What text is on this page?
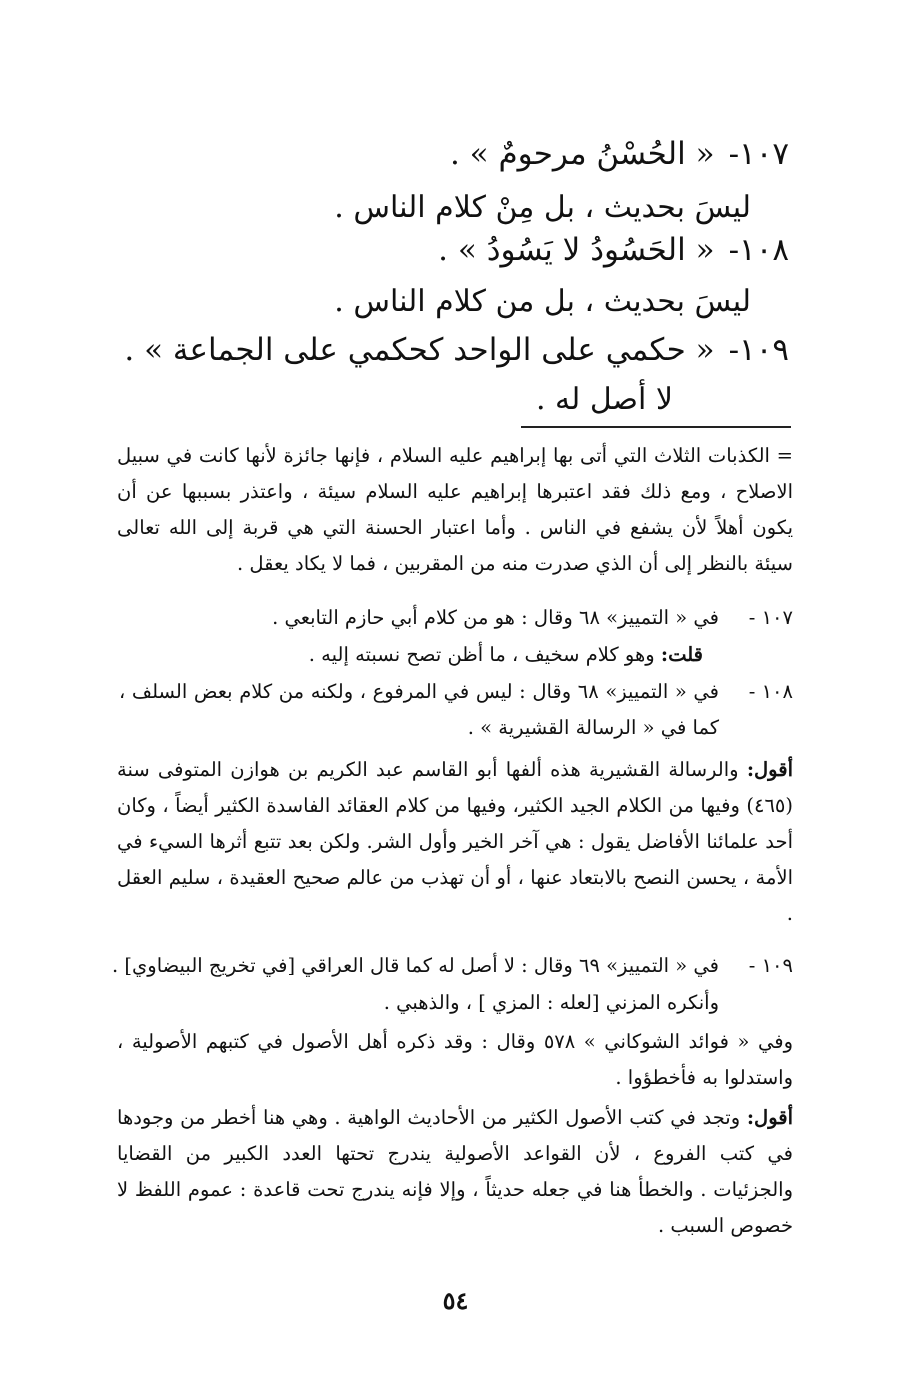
١٠٧-« الحُسْنُ مرحومٌ » .
ليسَ بحديث ، بل مِنْ كلام الناس .
١٠٨-« الحَسُودُ لا يَسُودُ » .
ليسَ بحديث ، بل من كلام الناس .
١٠٩-« حكمي على الواحد كحكمي على الجماعة » .
لا أصل له .
= الكذبات الثلاث التي أتى بها إبراهيم عليه السلام ، فإنها جائزة لأنها كانت في سبيل الاصلاح ، ومع ذلك فقد اعتبرها إبراهيم عليه السلام سيئة ، واعتذر بسببها عن أن يكون أهلاً لأن يشفع في الناس . وأما اعتبار الحسنة التي هي قربة إلى الله تعالى سيئة بالنظر إلى أن الذي صدرت منه من المقربين ، فما لا يكاد يعقل .
١٠٧ -
في « التمييز» ٦٨ وقال : هو من كلام أبي حازم التابعي .
قلت: وهو كلام سخيف ، ما أظن تصح نسبته إليه .
١٠٨ -
في « التمييز» ٦٨ وقال : ليس في المرفوع ، ولكنه من كلام بعض السلف ، كما في « الرسالة القشيرية » .
أقول: والرسالة القشيرية هذه ألفها أبو القاسم عبد الكريم بن هوازن المتوفى سنة (٤٦٥) وفيها من الكلام الجيد الكثير، وفيها من كلام العقائد الفاسدة الكثير أيضاً ، وكان أحد علمائنا الأفاضل يقول : هي آخر الخير وأول الشر. ولكن بعد تتبع أثرها السيء في الأمة ، يحسن النصح بالابتعاد عنها ، أو أن تهذب من عالم صحيح العقيدة ، سليم العقل .
١٠٩ -
في « التمييز» ٦٩ وقال : لا أصل له كما قال العراقي [في تخريج البيضاوي] .
وأنكره المزني [لعله : المزي ] ، والذهبي .
وفي « فوائد الشوكاني » ٥٧٨ وقال : وقد ذكره أهل الأصول في كتبهم الأصولية ، واستدلوا به فأخطؤوا .
أقول: وتجد في كتب الأصول الكثير من الأحاديث الواهية . وهي هنا أخطر من وجودها في كتب الفروع ، لأن القواعد الأصولية يندرج تحتها العدد الكبير من القضايا والجزئيات . والخطأ هنا في جعله حديثاً ، وإلا فإنه يندرج تحت قاعدة : عموم اللفظ لا خصوص السبب .
٥٤
